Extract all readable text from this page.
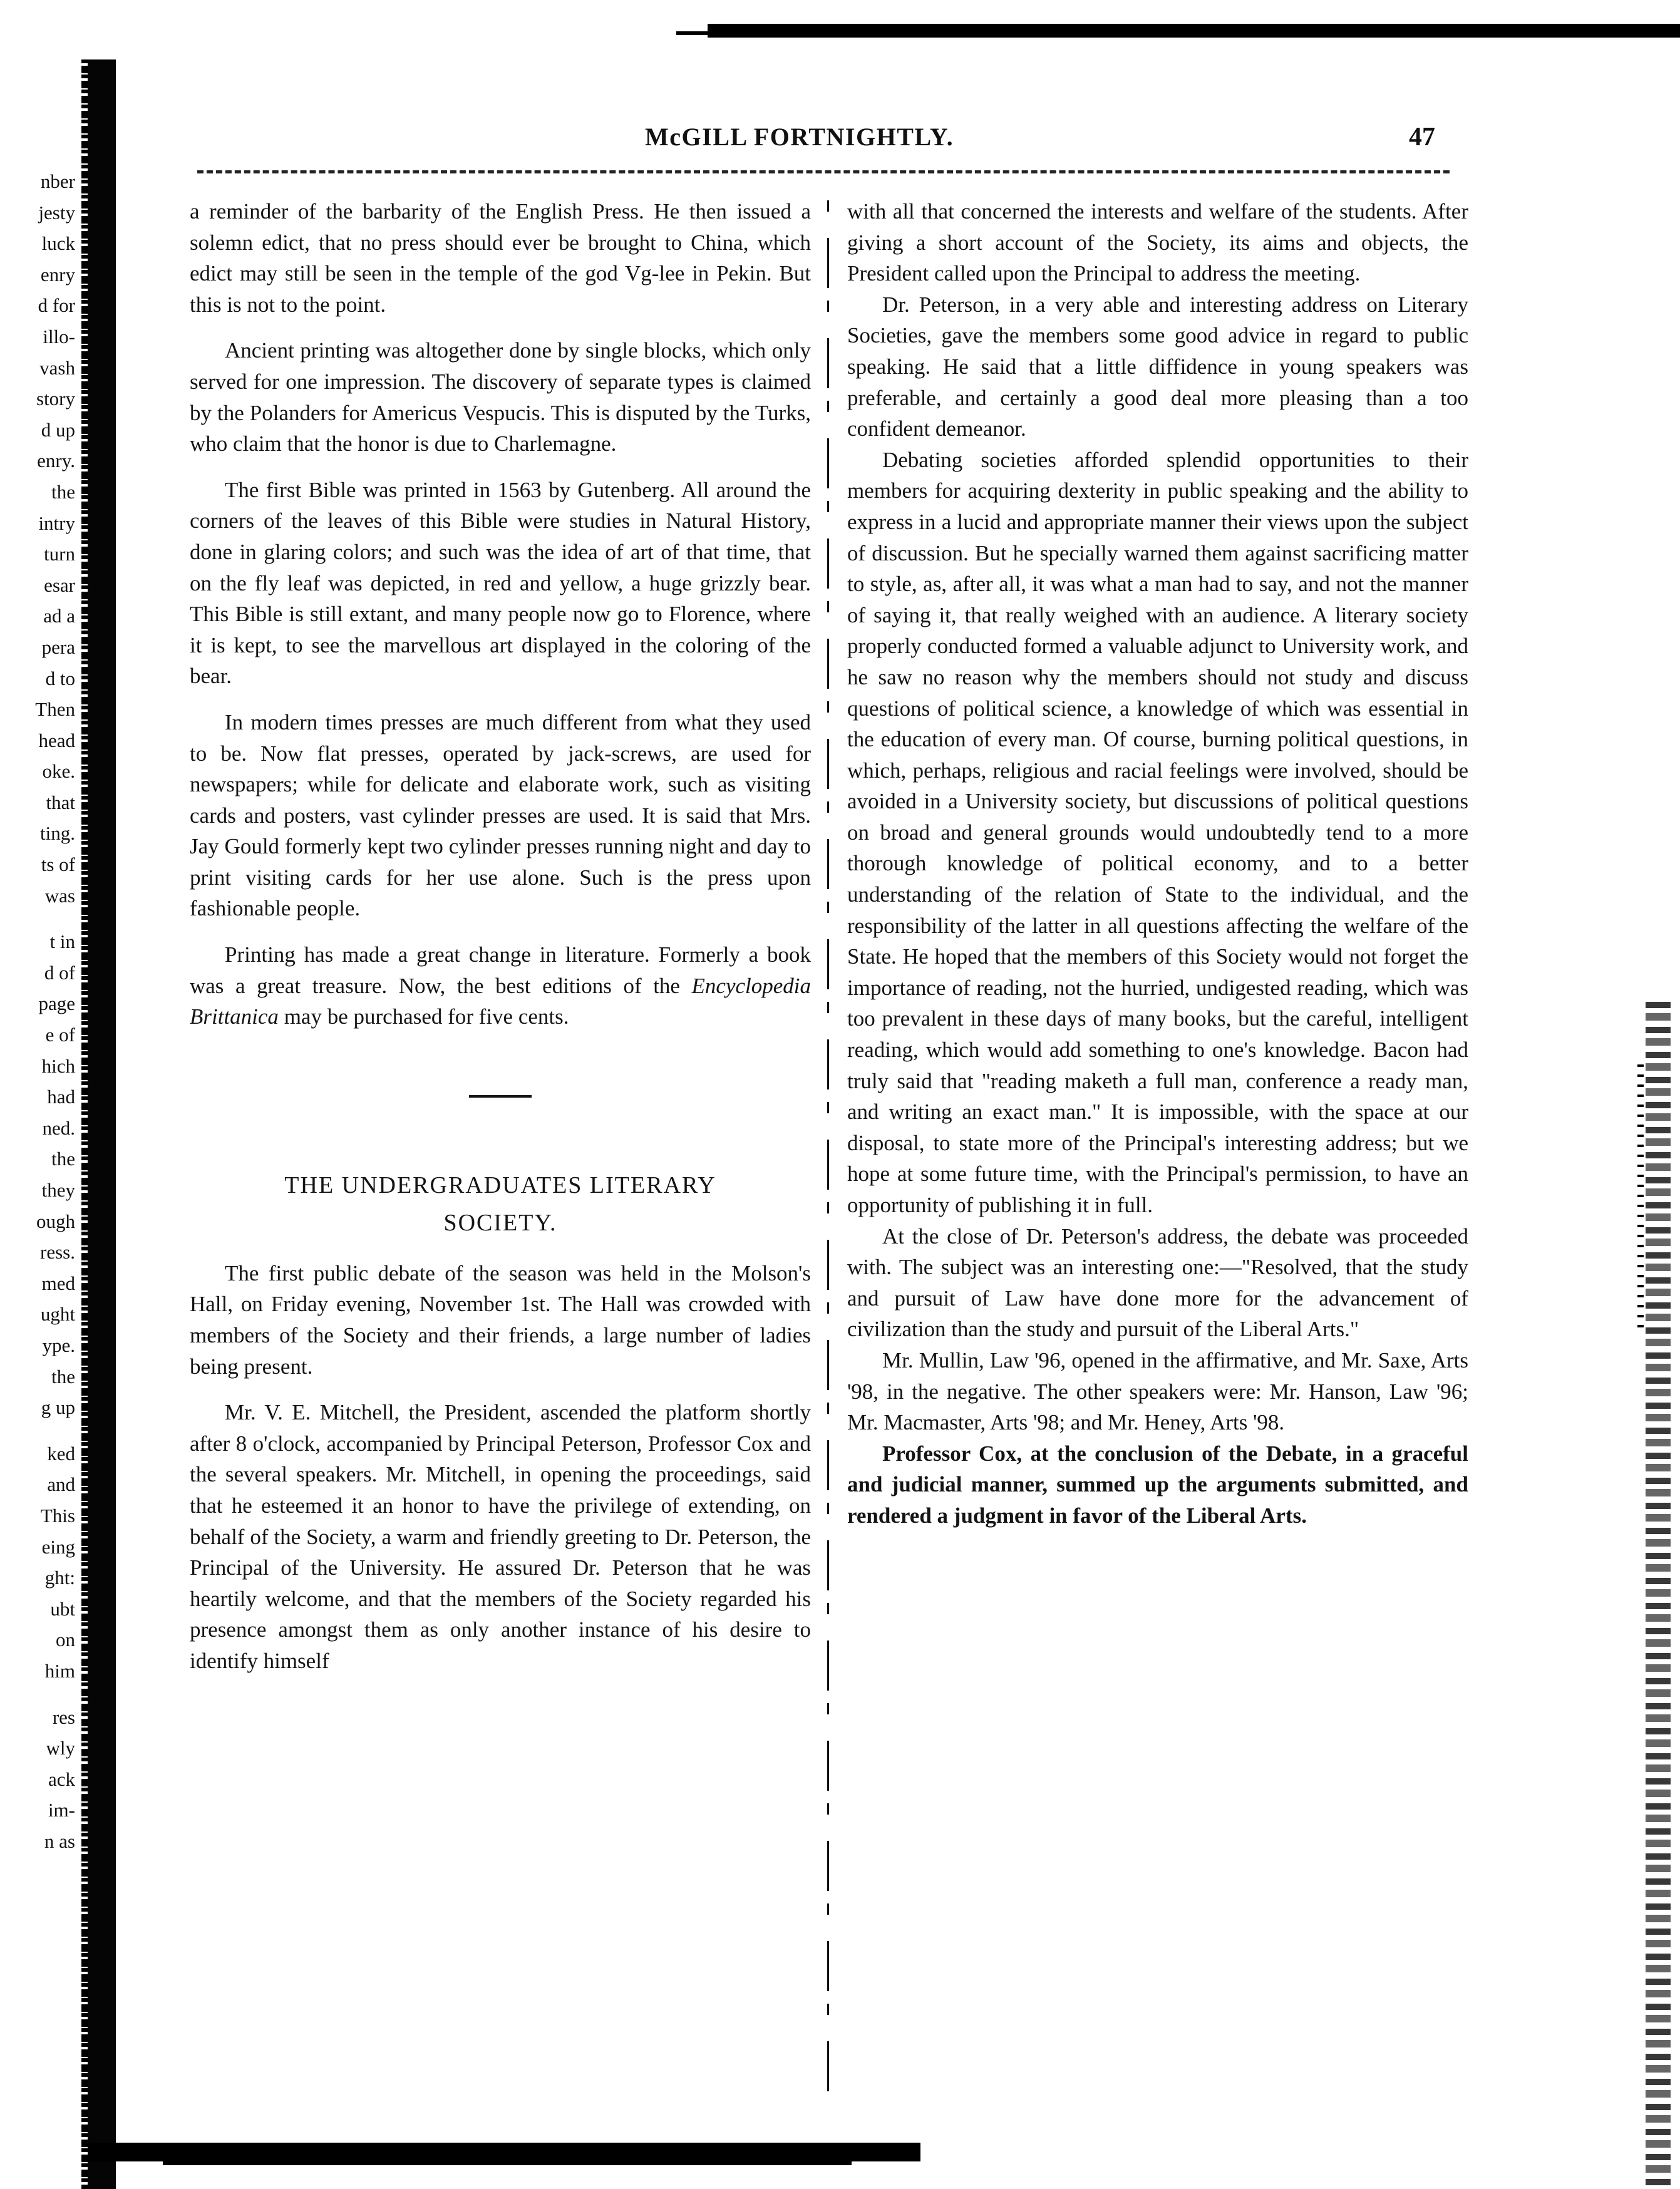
nber
jesty
luck
enry
d for
illo-
vash
story
d up
enry.
the
intry
turn
esar
ad a
pera
d to
Then
head
oke.
that
ting.
ts of
was
t in
d of
page
e of
hich
had
ned.
the
they
ough
ress.
med
ught
ype.
the
g up
ked
and
This
eing
ght:
ubt
on
him
res
wly
ack
im-
n as
McGILL FORTNIGHTLY.	47

a reminder of the barbarity of the English Press. He then issued a solemn edict, that no press should ever be brought to China, which edict may still be seen in the temple of the god Vg-lee in Pekin. But this is not to the point.

Ancient printing was altogether done by single blocks, which only served for one impression. The discovery of separate types is claimed by the Polanders for Americus Vespucis. This is disputed by the Turks, who claim that the honor is due to Charlemagne.

The first Bible was printed in 1563 by Gutenberg. All around the corners of the leaves of this Bible were studies in Natural History, done in glaring colors; and such was the idea of art of that time, that on the fly leaf was depicted, in red and yellow, a huge grizzly bear. This Bible is still extant, and many people now go to Florence, where it is kept, to see the marvellous art displayed in the coloring of the bear.

In modern times presses are much different from what they used to be. Now flat presses, operated by jack-screws, are used for newspapers; while for delicate and elaborate work, such as visiting cards and posters, vast cylinder presses are used. It is said that Mrs. Jay Gould formerly kept two cylinder presses running night and day to print visiting cards for her use alone. Such is the press upon fashionable people.

Printing has made a great change in literature. Formerly a book was a great treasure. Now, the best editions of the Encyclopedia Brittanica may be purchased for five cents.

THE UNDERGRADUATES LITERARY
SOCIETY.

The first public debate of the season was held in the Molson's Hall, on Friday evening, November 1st. The Hall was crowded with members of the Society and their friends, a large number of ladies being present.

Mr. V. E. Mitchell, the President, ascended the platform shortly after 8 o'clock, accompanied by Principal Peterson, Professor Cox and the several speakers. Mr. Mitchell, in opening the proceedings, said that he esteemed it an honor to have the privilege of extending, on behalf of the Society, a warm and friendly greeting to Dr. Peterson, the Principal of the University. He assured Dr. Peterson that he was heartily welcome, and that the members of the Society regarded his presence amongst them as only another instance of his desire to identify himself

with all that concerned the interests and welfare of the students. After giving a short account of the Society, its aims and objects, the President called upon the Principal to address the meeting.

Dr. Peterson, in a very able and interesting address on Literary Societies, gave the members some good advice in regard to public speaking. He said that a little diffidence in young speakers was preferable, and certainly a good deal more pleasing than a too confident demeanor.

Debating societies afforded splendid opportunities to their members for acquiring dexterity in public speaking and the ability to express in a lucid and appropriate manner their views upon the subject of discussion. But he specially warned them against sacrificing matter to style, as, after all, it was what a man had to say, and not the manner of saying it, that really weighed with an audience. A literary society properly conducted formed a valuable adjunct to University work, and he saw no reason why the members should not study and discuss questions of political science, a knowledge of which was essential in the education of every man. Of course, burning political questions, in which, perhaps, religious and racial feelings were involved, should be avoided in a University society, but discussions of political questions on broad and general grounds would undoubtedly tend to a more thorough knowledge of political economy, and to a better understanding of the relation of State to the individual, and the responsibility of the latter in all questions affecting the welfare of the State. He hoped that the members of this Society would not forget the importance of reading, not the hurried, undigested reading, which was too prevalent in these days of many books, but the careful, intelligent reading, which would add something to one's knowledge. Bacon had truly said that "reading maketh a full man, conference a ready man, and writing an exact man." It is impossible, with the space at our disposal, to state more of the Principal's interesting address; but we hope at some future time, with the Principal's permission, to have an opportunity of publishing it in full.

At the close of Dr. Peterson's address, the debate was proceeded with. The subject was an interesting one:—"Resolved, that the study and pursuit of Law have done more for the advancement of civilization than the study and pursuit of the Liberal Arts."

Mr. Mullin, Law '96, opened in the affirmative, and Mr. Saxe, Arts '98, in the negative. The other speakers were: Mr. Hanson, Law '96; Mr. Macmaster, Arts '98; and Mr. Heney, Arts '98.

Professor Cox, at the conclusion of the Debate, in a graceful and judicial manner, summed up the arguments submitted, and rendered a judgment in favor of the Liberal Arts.
